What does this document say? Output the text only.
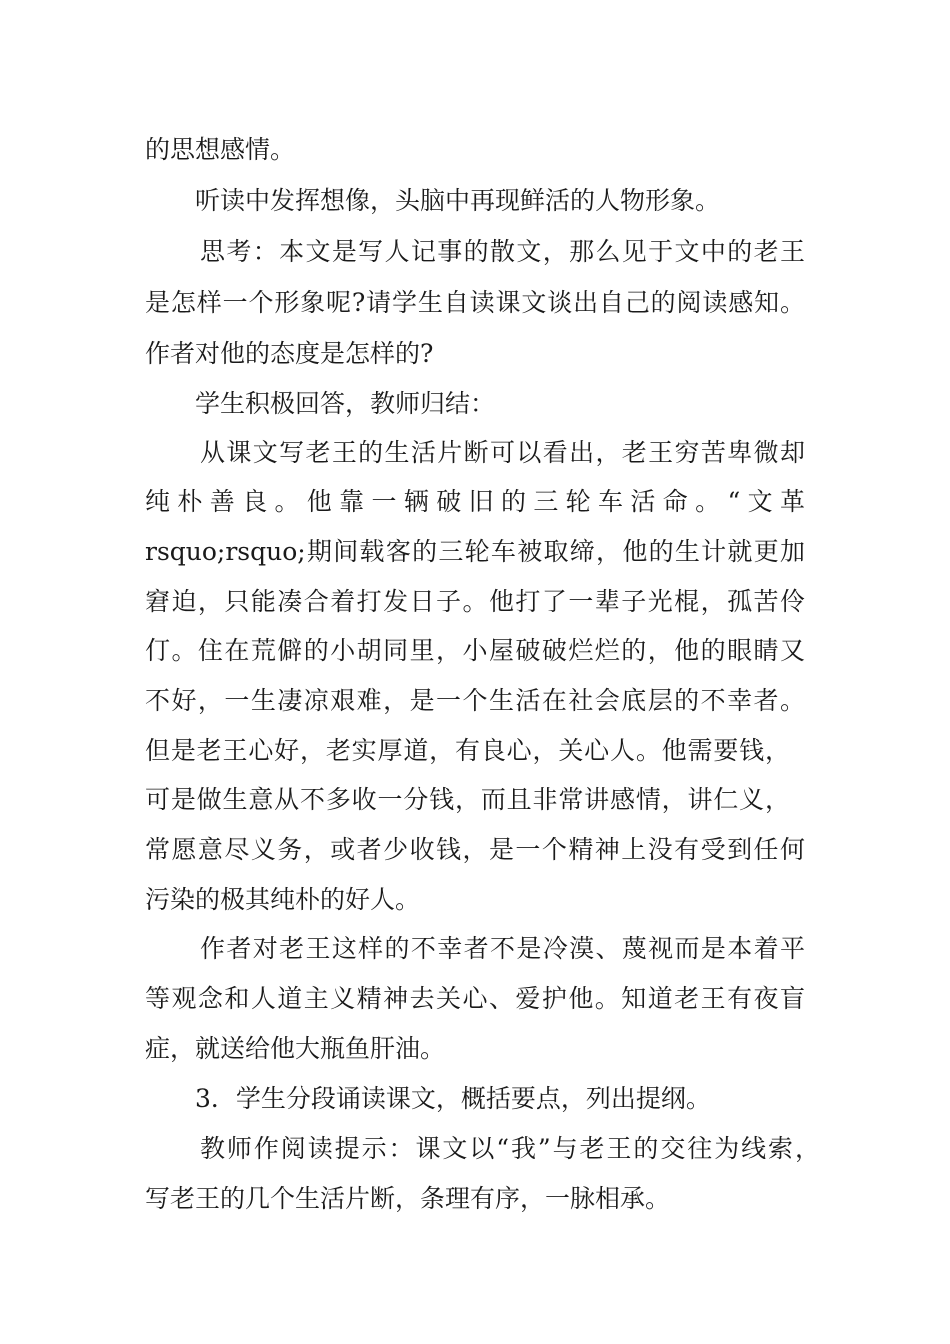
的思想感情。
听读中发挥想像，头脑中再现鲜活的人物形象。
思考：本文是写人记事的散文，那么见于文中的老王
是怎样一个形象呢?请学生自读课文谈出自己的阅读感知。
作者对他的态度是怎样的?
学生积极回答，教师归结：
从课文写老王的生活片断可以看出，老王穷苦卑微却
纯朴善良。他靠一辆破旧的三轮车活命。“文革
rsquo;rsquo;期间载客的三轮车被取缔，他的生计就更加
窘迫，只能凑合着打发日子。他打了一辈子光棍，孤苦伶
仃。住在荒僻的小胡同里，小屋破破烂烂的，他的眼睛又
不好，一生凄凉艰难，是一个生活在社会底层的不幸者。
但是老王心好，老实厚道，有良心，关心人。他需要钱，
可是做生意从不多收一分钱，而且非常讲感情，讲仁义，
常愿意尽义务，或者少收钱，是一个精神上没有受到任何
污染的极其纯朴的好人。
作者对老王这样的不幸者不是冷漠、蔑视而是本着平
等观念和人道主义精神去关心、爱护他。知道老王有夜盲
症，就送给他大瓶鱼肝油。
3．学生分段诵读课文，概括要点，列出提纲。
教师作阅读提示：课文以“我”与老王的交往为线索，
写老王的几个生活片断，条理有序，一脉相承。
